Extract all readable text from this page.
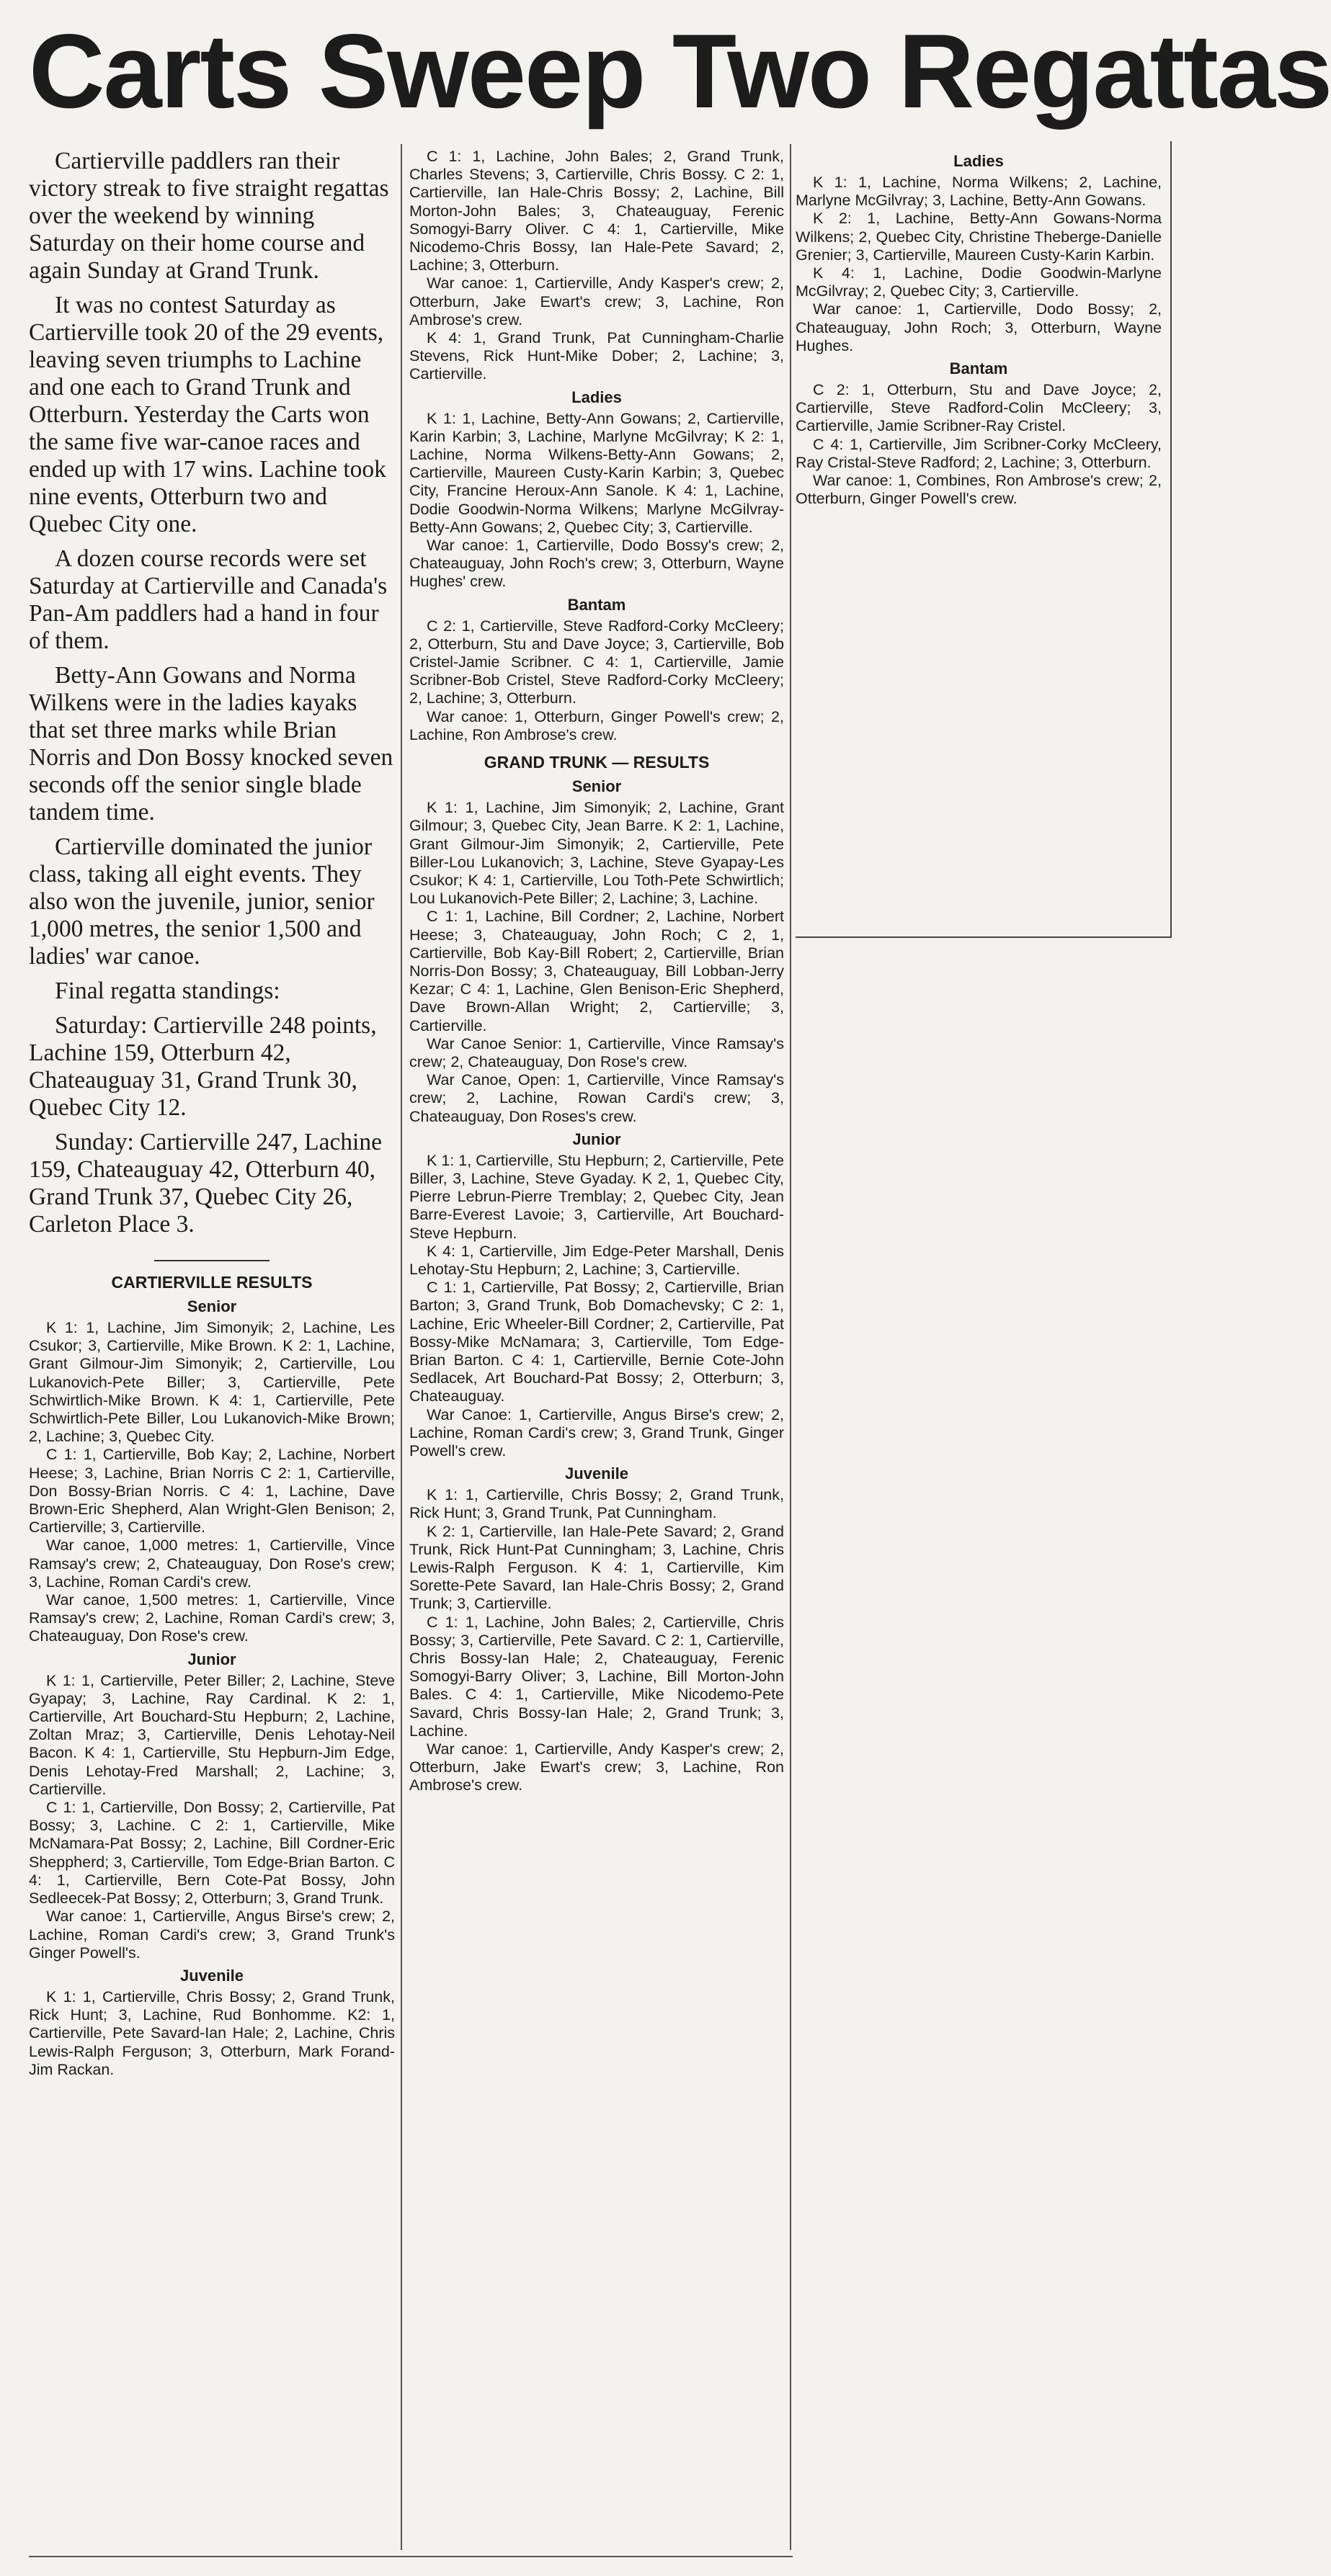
Carts Sweep Two Regattas

Cartierville paddlers ran their victory streak to five straight regattas over the weekend by winning Saturday on their home course and again Sunday at Grand Trunk.

It was no contest Saturday as Cartierville took 20 of the 29 events, leaving seven triumphs to Lachine and one each to Grand Trunk and Otterburn. Yesterday the Carts won the same five war-canoe races and ended up with 17 wins. Lachine took nine events, Otterburn two and Quebec City one.

A dozen course records were set Saturday at Cartierville and Canada's Pan-Am paddlers had a hand in four of them.

Betty-Ann Gowans and Norma Wilkens were in the ladies kayaks that set three marks while Brian Norris and Don Bossy knocked seven seconds off the senior single blade tandem time.

Cartierville dominated the junior class, taking all eight events. They also won the juvenile, junior, senior 1,000 metres, the senior 1,500 and ladies' war canoe.

Final regatta standings:

Saturday: Cartierville 248 points, Lachine 159, Otterburn 42, Chateauguay 31, Grand Trunk 30, Quebec City 12.

Sunday: Cartierville 247, Lachine 159, Chateauguay 42, Otterburn 40, Grand Trunk 37, Quebec City 26, Carleton Place 3.

CARTIERVILLE RESULTS
Senior

K 1: 1, Lachine, Jim Simonyik; 2, Lachine, Les Csukor; 3, Cartierville, Mike Brown. K 2: 1, Lachine, Grant Gilmour-Jim Simonyik; 2, Cartierville, Lou Lukanovich-Pete Biller; 3, Cartierville, Pete Schwirtlich-Mike Brown. K 4: 1, Cartierville, Pete Schwirtlich-Pete Biller, Lou Lukanovich-Mike Brown; 2, Lachine; 3, Quebec City.

C 1: 1, Cartierville, Bob Kay; 2, Lachine, Norbert Heese; 3, Lachine, Brian Norris C 2: 1, Cartierville, Don Bossy-Brian Norris. C 4: 1, Lachine, Dave Brown-Eric Shepherd, Alan Wright-Glen Benison; 2, Cartierville; 3, Cartierville.

War canoe, 1,000 metres: 1, Cartierville, Vince Ramsay's crew; 2, Chateauguay, Don Rose's crew; 3, Lachine, Roman Cardi's crew.

War canoe, 1,500 metres: 1, Cartierville, Vince Ramsay's crew; 2, Lachine, Roman Cardi's crew; 3, Chateauguay, Don Rose's crew.

Junior

K 1: 1, Cartierville, Peter Biller; 2, Lachine, Steve Gyapay; 3, Lachine, Ray Cardinal. K 2: 1, Cartierville, Art Bouchard-Stu Hepburn; 2, Lachine, Zoltan Mraz; 3, Cartierville, Denis Lehotay-Neil Bacon. K 4: 1, Cartierville, Stu Hepburn-Jim Edge, Denis Lehotay-Fred Marshall; 2, Lachine; 3, Cartierville.

C 1: 1, Cartierville, Don Bossy; 2, Cartierville, Pat Bossy; 3, Lachine. C 2: 1, Cartierville, Mike McNamara-Pat Bossy; 2, Lachine, Bill Cordner-Eric Sheppherd; 3, Cartierville, Tom Edge-Brian Barton. C 4: 1, Cartierville, Bern Cote-Pat Bossy, John Sedleecek-Pat Bossy; 2, Otterburn; 3, Grand Trunk.

War canoe: 1, Cartierville, Angus Birse's crew; 2, Lachine, Roman Cardi's crew; 3, Grand Trunk's Ginger Powell's.

Juvenile

K 1: 1, Cartierville, Chris Bossy; 2, Grand Trunk, Rick Hunt; 3, Lachine, Rud Bonhomme. K2: 1, Cartierville, Pete Savard-Ian Hale; 2, Lachine, Chris Lewis-Ralph Ferguson; 3, Otterburn, Mark Forand-Jim Rackan.

C 1: 1, Lachine, John Bales; 2, Grand Trunk, Charles Stevens; 3, Cartierville, Chris Bossy. C 2: 1, Cartierville, Ian Hale-Chris Bossy; 2, Lachine, Bill Morton-John Bales; 3, Chateauguay, Ferenic Somogyi-Barry Oliver. C 4: 1, Cartierville, Mike Nicodemo-Chris Bossy, Ian Hale-Pete Savard; 2, Lachine; 3, Otterburn.

War canoe: 1, Cartierville, Andy Kasper's crew; 2, Otterburn, Jake Ewart's crew; 3, Lachine, Ron Ambrose's crew.

K 4: 1, Grand Trunk, Pat Cunningham-Charlie Stevens, Rick Hunt-Mike Dober; 2, Lachine; 3, Cartierville.

Ladies

K 1: 1, Lachine, Betty-Ann Gowans; 2, Cartierville, Karin Karbin; 3, Lachine, Marlyne McGilvray; K 2: 1, Lachine, Norma Wilkens-Betty-Ann Gowans; 2, Cartierville, Maureen Custy-Karin Karbin; 3, Quebec City, Francine Heroux-Ann Sanole. K 4: 1, Lachine, Dodie Goodwin-Norma Wilkens; Marlyne McGilvray-Betty-Ann Gowans; 2, Quebec City; 3, Cartierville.

War canoe: 1, Cartierville, Dodo Bossy's crew; 2, Chateauguay, John Roch's crew; 3, Otterburn, Wayne Hughes' crew.

Bantam

C 2: 1, Cartierville, Steve Radford-Corky McCleery; 2, Otterburn, Stu and Dave Joyce; 3, Cartierville, Bob Cristel-Jamie Scribner. C 4: 1, Cartierville, Jamie Scribner-Bob Cristel, Steve Radford-Corky McCleery; 2, Lachine; 3, Otterburn.

War canoe: 1, Otterburn, Ginger Powell's crew; 2, Lachine, Ron Ambrose's crew.

GRAND TRUNK — RESULTS
Senior

K 1: 1, Lachine, Jim Simonyik; 2, Lachine, Grant Gilmour; 3, Quebec City, Jean Barre. K 2: 1, Lachine, Grant Gilmour-Jim Simonyik; 2, Cartierville, Pete Biller-Lou Lukanovich; 3, Lachine, Steve Gyapay-Les Csukor; K 4: 1, Cartierville, Lou Toth-Pete Schwirtlich; Lou Lukanovich-Pete Biller; 2, Lachine; 3, Lachine.

C 1: 1, Lachine, Bill Cordner; 2, Lachine, Norbert Heese; 3, Chateauguay, John Roch; C 2, 1, Cartierville, Bob Kay-Bill Robert; 2, Cartierville, Brian Norris-Don Bossy; 3, Chateauguay, Bill Lobban-Jerry Kezar; C 4: 1, Lachine, Glen Benison-Eric Shepherd, Dave Brown-Allan Wright; 2, Cartierville; 3, Cartierville.

War Canoe Senior: 1, Cartierville, Vince Ramsay's crew; 2, Chateauguay, Don Rose's crew.

War Canoe, Open: 1, Cartierville, Vince Ramsay's crew; 2, Lachine, Rowan Cardi's crew; 3, Chateauguay, Don Roses's crew.

Junior

K 1: 1, Cartierville, Stu Hepburn; 2, Cartierville, Pete Biller, 3, Lachine, Steve Gyaday. K 2, 1, Quebec City, Pierre Lebrun-Pierre Tremblay; 2, Quebec City, Jean Barre-Everest Lavoie; 3, Cartierville, Art Bouchard-Steve Hepburn.

K 4: 1, Cartierville, Jim Edge-Peter Marshall, Denis Lehotay-Stu Hepburn; 2, Lachine; 3, Cartierville.

C 1: 1, Cartierville, Pat Bossy; 2, Cartierville, Brian Barton; 3, Grand Trunk, Bob Domachevsky; C 2: 1, Lachine, Eric Wheeler-Bill Cordner; 2, Cartierville, Pat Bossy-Mike McNamara; 3, Cartierville, Tom Edge-Brian Barton. C 4: 1, Cartierville, Bernie Cote-John Sedlacek, Art Bouchard-Pat Bossy; 2, Otterburn; 3, Chateauguay.

War Canoe: 1, Cartierville, Angus Birse's crew; 2, Lachine, Roman Cardi's crew; 3, Grand Trunk, Ginger Powell's crew.

Juvenile

K 1: 1, Cartierville, Chris Bossy; 2, Grand Trunk, Rick Hunt; 3, Grand Trunk, Pat Cunningham.

K 2: 1, Cartierville, Ian Hale-Pete Savard; 2, Grand Trunk, Rick Hunt-Pat Cunningham; 3, Lachine, Chris Lewis-Ralph Ferguson. K 4: 1, Cartierville, Kim Sorette-Pete Savard, Ian Hale-Chris Bossy; 2, Grand Trunk; 3, Cartierville.

C 1: 1, Lachine, John Bales; 2, Cartierville, Chris Bossy; 3, Cartierville, Pete Savard. C 2: 1, Cartierville, Chris Bossy-Ian Hale; 2, Chateauguay, Ferenic Somogyi-Barry Oliver; 3, Lachine, Bill Morton-John Bales. C 4: 1, Cartierville, Mike Nicodemo-Pete Savard, Chris Bossy-Ian Hale; 2, Grand Trunk; 3, Lachine.

War canoe: 1, Cartierville, Andy Kasper's crew; 2, Otterburn, Jake Ewart's crew; 3, Lachine, Ron Ambrose's crew.

Ladies

K 1: 1, Lachine, Norma Wilkens; 2, Lachine, Marlyne McGilvray; 3, Lachine, Betty-Ann Gowans.

K 2: 1, Lachine, Betty-Ann Gowans-Norma Wilkens; 2, Quebec City, Christine Theberge-Danielle Grenier; 3, Cartierville, Maureen Custy-Karin Karbin.

K 4: 1, Lachine, Dodie Goodwin-Marlyne McGilvray; 2, Quebec City; 3, Cartierville.

War canoe: 1, Cartierville, Dodo Bossy; 2, Chateauguay, John Roch; 3, Otterburn, Wayne Hughes.

Bantam

C 2: 1, Otterburn, Stu and Dave Joyce; 2, Cartierville, Steve Radford-Colin McCleery; 3, Cartierville, Jamie Scribner-Ray Cristel.

C 4: 1, Cartierville, Jim Scribner-Corky McCleery, Ray Cristal-Steve Radford; 2, Lachine; 3, Otterburn.

War canoe: 1, Combines, Ron Ambrose's crew; 2, Otterburn, Ginger Powell's crew.
